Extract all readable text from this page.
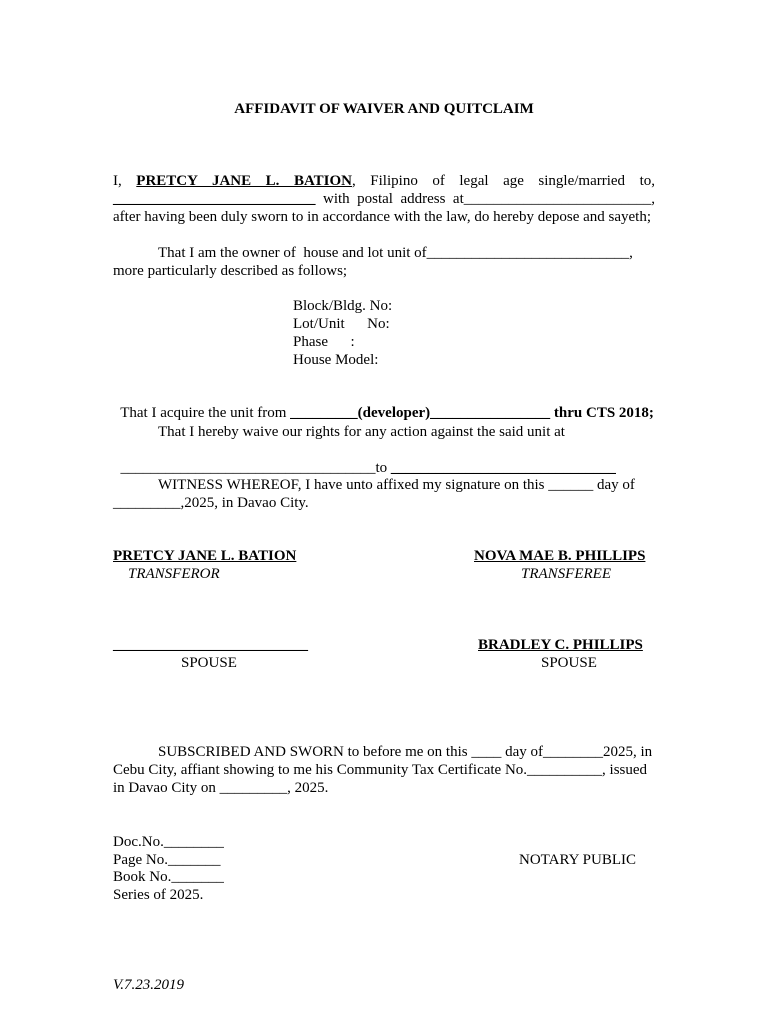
AFFIDAVIT OF WAIVER AND QUITCLAIM
I, PRETCY JANE L. BATION, Filipino of legal age single/married to,
___________________________ with postal address at_________________________,
after having been duly sworn to in accordance with the law, do hereby depose and sayeth;
That I am the owner of  house and lot unit of___________________________,
more particularly described as follows;
Block/Bldg. No:
Lot/Unit      No:
Phase      :
House Model:

That I acquire the unit from _________(developer)________________ thru CTS 2018;

That I hereby waive our rights for any action against the said unit at

__________________________________to ______________________________

WITNESS WHEREOF, I have unto affixed my signature on this ______ day of
_________,2025, in Davao City.
PRETCY JANE L. BATION
TRANSFEROR
NOVA MAE B. PHILLIPS
TRANSFEREE
__________________________
SPOUSE
BRADLEY C. PHILLIPS
SPOUSE
SUBSCRIBED AND SWORN to before me on this ____ day of________2025, in
Cebu City, affiant showing to me his Community Tax Certificate No.__________, issued
in Davao City on _________, 2025.
Doc.No.________
Page No._______
Book No._______
Series of 2025.
NOTARY PUBLIC
V.7.23.2019
